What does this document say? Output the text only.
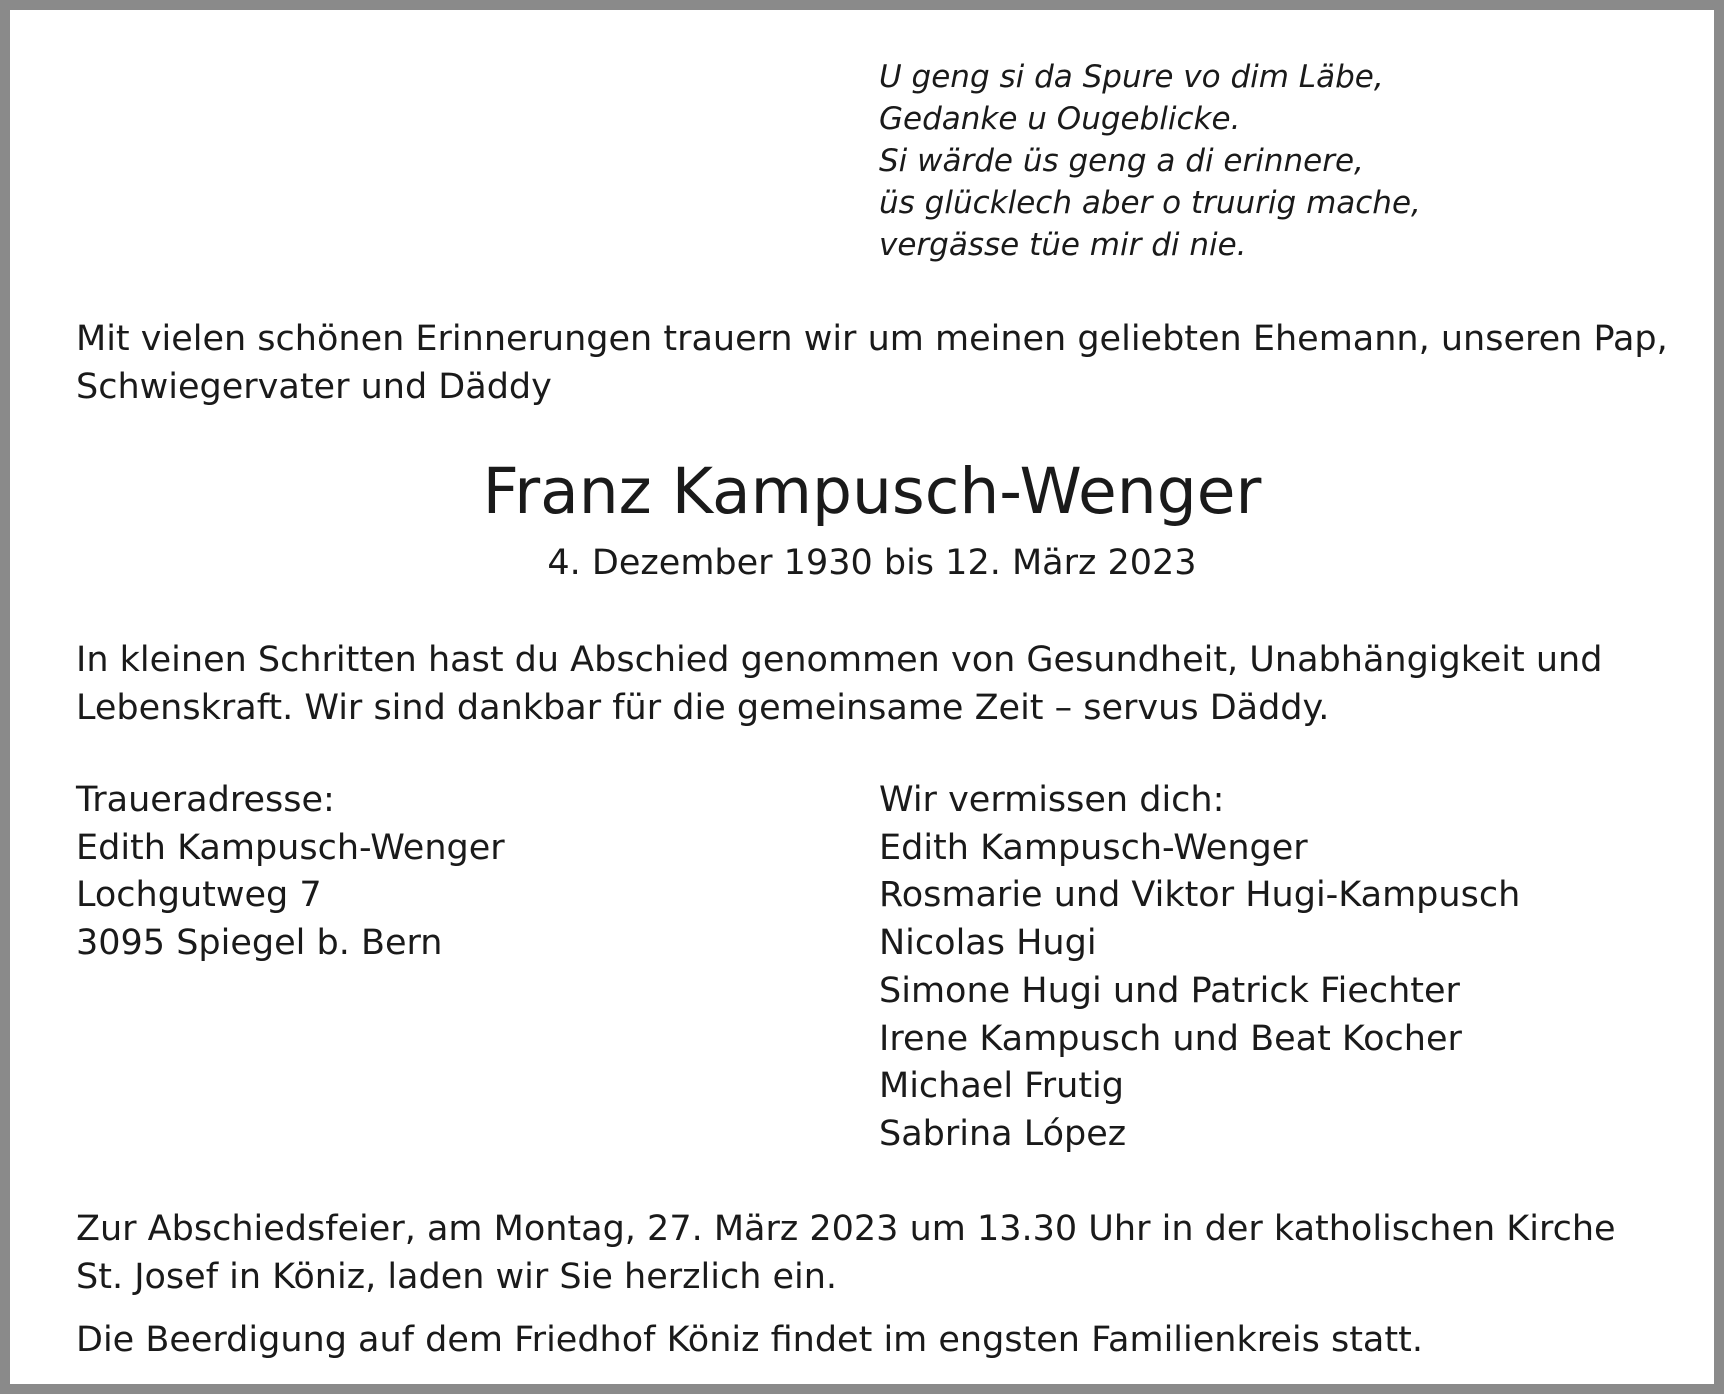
U geng si da Spure vo dim Läbe,
Gedanke u Ougeblicke.
Si wärde üs geng a di erinnere,
üs glücklech aber o truurig mache,
vergässe tüe mir di nie.
Mit vielen schönen Erinnerungen trauern wir um meinen geliebten Ehemann, unseren Pap,
Schwiegervater und Däddy
Franz Kampusch-Wenger
4. Dezember 1930 bis 12. März 2023
In kleinen Schritten hast du Abschied genommen von Gesundheit, Unabhängigkeit und
Lebenskraft. Wir sind dankbar für die gemeinsame Zeit – servus Däddy.
Traueradresse:
Edith Kampusch-Wenger
Lochgutweg 7
3095 Spiegel b. Bern
Wir vermissen dich:
Edith Kampusch-Wenger
Rosmarie und Viktor Hugi-Kampusch
Nicolas Hugi
Simone Hugi und Patrick Fiechter
Irene Kampusch und Beat Kocher
Michael Frutig
Sabrina López
Zur Abschiedsfeier, am Montag, 27. März 2023 um 13.30 Uhr in der katholischen Kirche
St. Josef in Köniz, laden wir Sie herzlich ein.
Die Beerdigung auf dem Friedhof Köniz findet im engsten Familienkreis statt.
